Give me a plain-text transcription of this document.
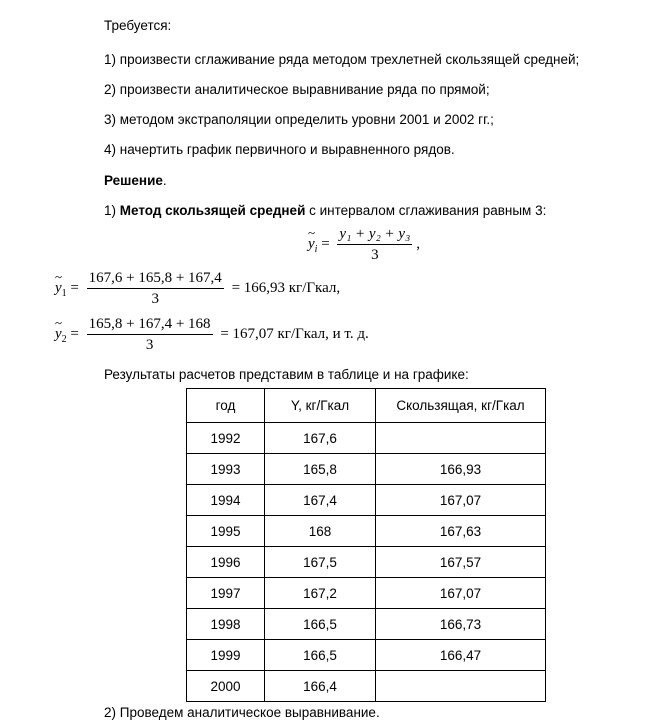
Требуется:
1) произвести сглаживание ряда методом трехлетней скользящей средней;
2) произвести аналитическое выравнивание ряда по прямой;
3) методом экстраполяции определить уровни 2001 и 2002 гг.;
4) начертить график первичного и выравненного рядов.
Решение.
1) Метод скользящей средней с интервалом сглаживания равным 3:
~ $y_i = \frac{\text{y₁ + y₂ + y₃}}{3}$ ,
~ $y_1 = \frac{167,6 + 165,8 + 167,4}{3} = 166,93$ кг/Гкал,
~ $y_2 = \frac{165,8 + 167,4 + 168}{3} = 167,07$ кг/Гкал, и т. д.
Результаты расчетов представим в таблице и на графике:
год	Y, кг/Гкал	Скользящая, кг/Гкал
1992	167,6	
1993	165,8	166,93
1994	167,4	167,07
1995	168	167,63
1996	167,5	167,57
1997	167,2	167,07
1998	166,5	166,73
1999	166,5	166,47
2000	166,4	
2) Проведем аналитическое выравнивание.
